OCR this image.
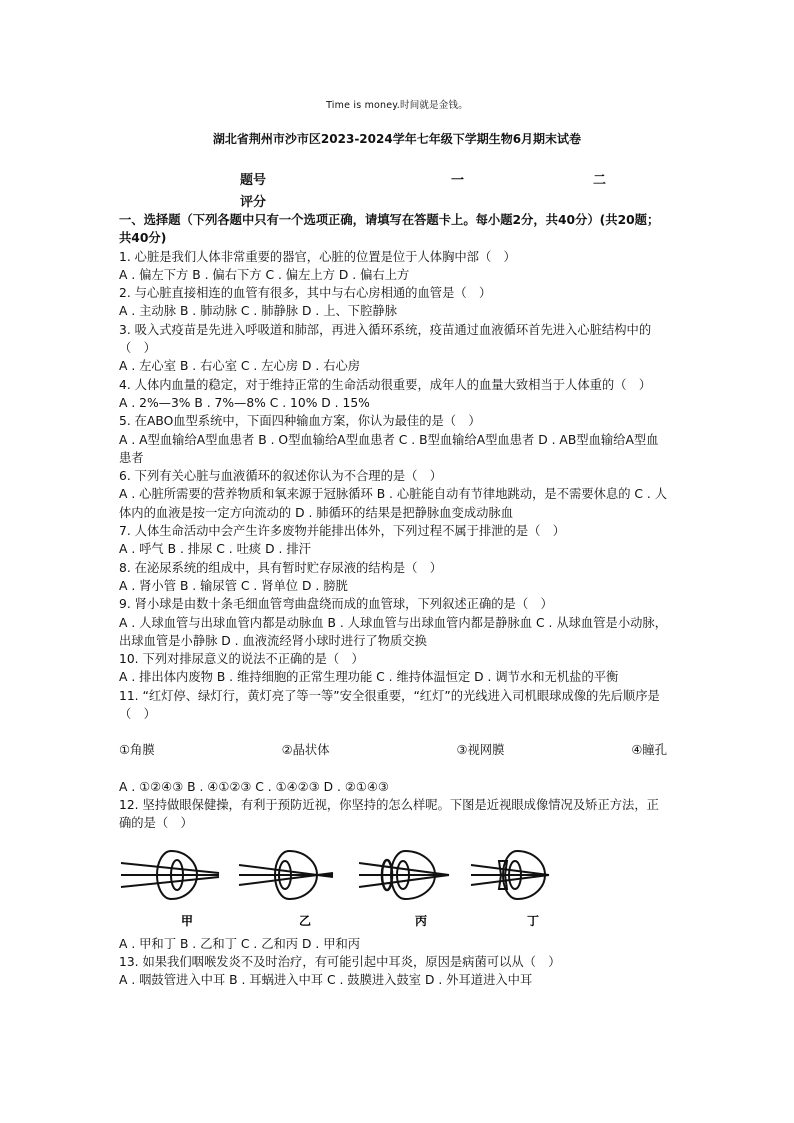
Time is money.时间就是金钱。
湖北省荆州市沙市区2023-2024学年七年级下学期生物6月期末试卷
题号	一	二
评分

一、选择题（下列各题中只有一个选项正确，请填写在答题卡上。每小题2分，共40分）(共20题；共40分)

1. 心脏是我们人体非常重要的器官，心脏的位置是位于人体胸中部（　）

A . 偏左下方 B . 偏右下方 C . 偏左上方 D . 偏右上方

2. 与心脏直接相连的血管有很多，其中与右心房相通的血管是（　）

A . 主动脉 B . 肺动脉 C . 肺静脉 D . 上、下腔静脉

3. 吸入式疫苗是先进入呼吸道和肺部，再进入循环系统，疫苗通过血液循环首先进入心脏结构中的（　）

A . 左心室 B . 右心室 C . 左心房 D . 右心房

4. 人体内血量的稳定，对于维持正常的生命活动很重要，成年人的血量大致相当于人体重的（　）

A . 2%—3% B . 7%—8% C . 10% D . 15%

5. 在ABO血型系统中，下面四种输血方案，你认为最佳的是（　）

A . A型血输给A型血患者 B . O型血输给A型血患者 C . B型血输给A型血患者 D . AB型血输给A型血患者

6. 下列有关心脏与血液循环的叙述你认为不合理的是（　）

A . 心脏所需要的营养物质和氧来源于冠脉循环 B . 心脏能自动有节律地跳动，是不需要休息的 C . 人体内的血液是按一定方向流动的 D . 肺循环的结果是把静脉血变成动脉血

7. 人体生命活动中会产生许多废物并能排出体外，下列过程不属于排泄的是（　）

A . 呼气 B . 排尿 C . 吐痰 D . 排汗

8. 在泌尿系统的组成中，具有暂时贮存尿液的结构是（　）

A . 肾小管 B . 输尿管 C . 肾单位 D . 膀胱

9. 肾小球是由数十条毛细血管弯曲盘绕而成的血管球，下列叙述正确的是（　）

A . 人球血管与出球血管内都是动脉血 B . 人球血管与出球血管内都是静脉血 C . 从球血管是小动脉，出球血管是小静脉 D . 血液流经肾小球时进行了物质交换

10. 下列对排尿意义的说法不正确的是（　）

A . 排出体内废物 B . 维持细胞的正常生理功能 C . 维持体温恒定 D . 调节水和无机盐的平衡

11. “红灯停、绿灯行，黄灯亮了等一等”安全很重要，“红灯”的光线进入司机眼球成像的先后顺序是（　）

①角膜	②晶状体	③视网膜	④瞳孔

A . ①②④③ B . ④①②③ C . ①④②③ D . ②①④③

12. 坚持做眼保健操，有利于预防近视，你坚持的怎么样呢。下图是近视眼成像情况及矫正方法，正确的是（　）

甲	乙	丙	丁

A . 甲和丁 B . 乙和丁 C . 乙和丙 D . 甲和丙

13. 如果我们咽喉发炎不及时治疗，有可能引起中耳炎，原因是病菌可以从（　）

A . 咽鼓管进入中耳 B . 耳蜗进入中耳 C . 鼓膜进入鼓室 D . 外耳道进入中耳
